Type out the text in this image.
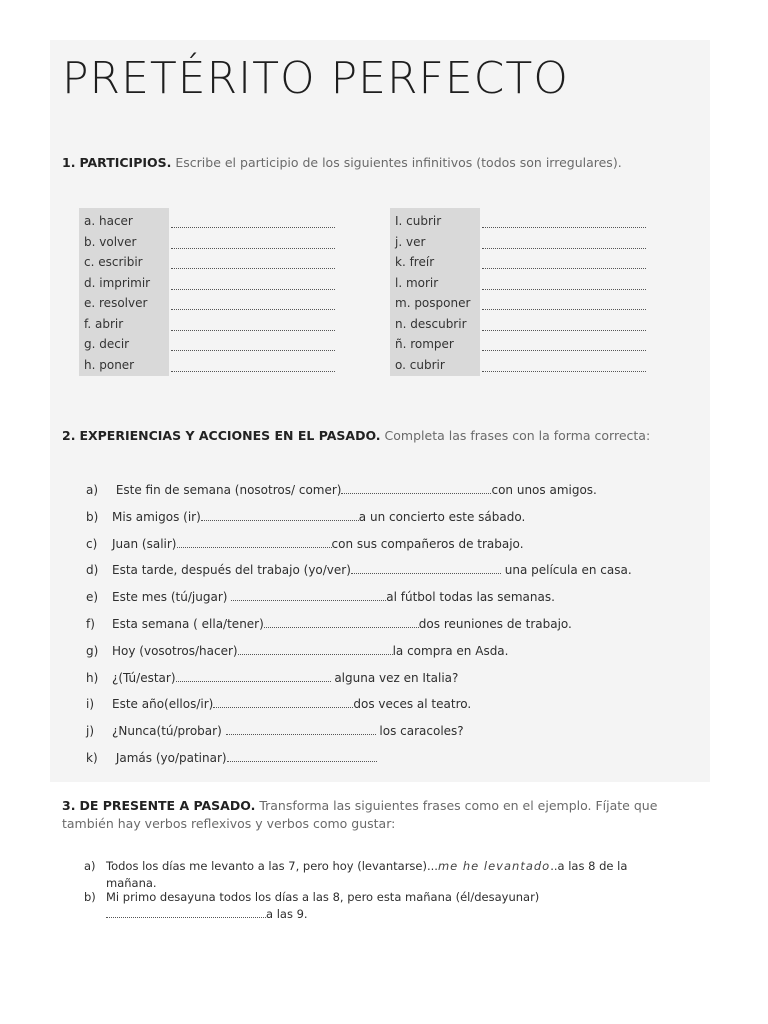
PRETÉRITO PERFECTO
1. PARTICIPIOS. Escribe el participio de los siguientes infinitivos (todos son irregulares).
a. hacer
b. volver
c. escribir
d. imprimir
e. resolver
f. abrir
g. decir
h. poner
I. cubrir
j. ver
k. freír
l. morir
m. posponer
n. descubrir
ñ. romper
o. cubrir
2. EXPERIENCIAS Y ACCIONES EN EL PASADO. Completa las frases con la forma correcta:
a) Este fin de semana (nosotros/ comer)	con unos amigos.
b) Mis amigos (ir)	a un concierto este sábado.
c) Juan (salir)	con sus compañeros de trabajo.
d) Esta tarde, después del trabajo (yo/ver)	una película en casa.
e) Este mes (tú/jugar)	al fútbol todas las semanas.
f) Esta semana ( ella/tener)	dos reuniones de trabajo.
g) Hoy (vosotros/hacer)	la compra en Asda.
h) ¿(Tú/estar)	alguna vez en Italia?
i) Este año(ellos/ir)	dos veces al teatro.
j) ¿Nunca(tú/probar)	los caracoles?
k) Jamás (yo/patinar)
3. DE PRESENTE A PASADO. Transforma las siguientes frases como en el ejemplo. Fíjate que también hay verbos reflexivos y verbos como gustar:
a) Todos los días me levanto a las 7, pero hoy (levantarse)...me he levantado..a las 8 de la mañana.
b) Mi primo desayuna todos los días a las 8, pero esta mañana (él/desayunar)a las 9.
